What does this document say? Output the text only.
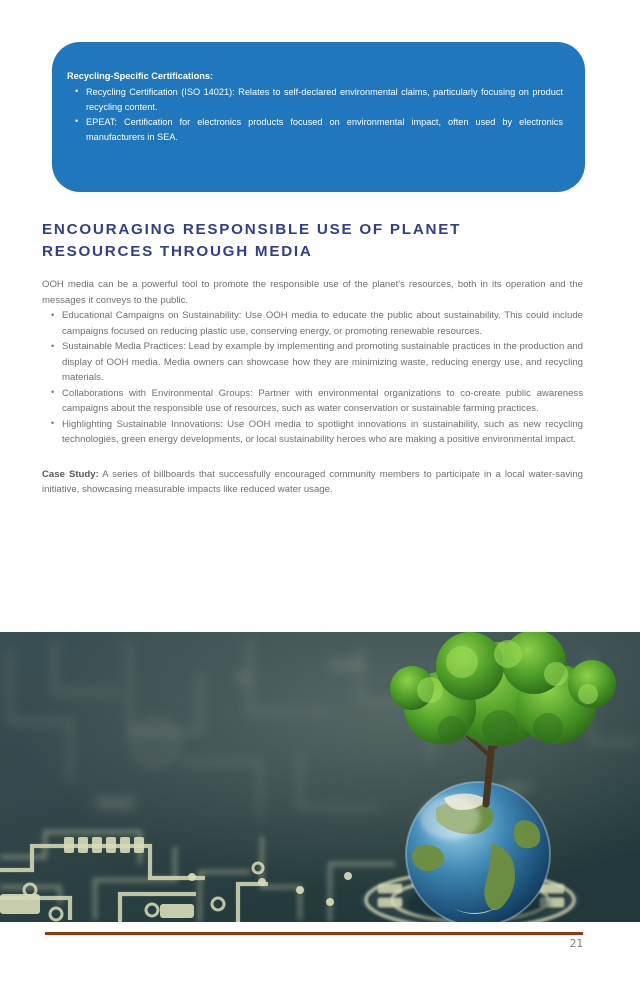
Recycling-Specific Certifications:

• Recycling Certification (ISO 14021): Relates to self-declared environmental claims, particularly focusing on product recycling content.
• EPEAT: Certification for electronics products focused on environmental impact, often used by electronics manufacturers in SEA.
ENCOURAGING RESPONSIBLE USE OF PLANET RESOURCES THROUGH MEDIA

OOH media can be a powerful tool to promote the responsible use of the planet's resources, both in its operation and the messages it conveys to the public.

• Educational Campaigns on Sustainability: Use OOH media to educate the public about sustainability. This could include campaigns focused on reducing plastic use, conserving energy, or promoting renewable resources.
• Sustainable Media Practices: Lead by example by implementing and promoting sustainable practices in the production and display of OOH media. Media owners can showcase how they are minimizing waste, reducing energy use, and recycling materials.
• Collaborations with Environmental Groups: Partner with environmental organizations to co-create public awareness campaigns about the responsible use of resources, such as water conservation or sustainable farming practices.
• Highlighting Sustainable Innovations: Use OOH media to spotlight innovations in sustainability, such as new recycling technologies, green energy developments, or local sustainability heroes who are making a positive environmental impact.

Case Study: A series of billboards that successfully encouraged community members to participate in a local water-saving initiative, showcasing measurable impacts like reduced water usage.

21
